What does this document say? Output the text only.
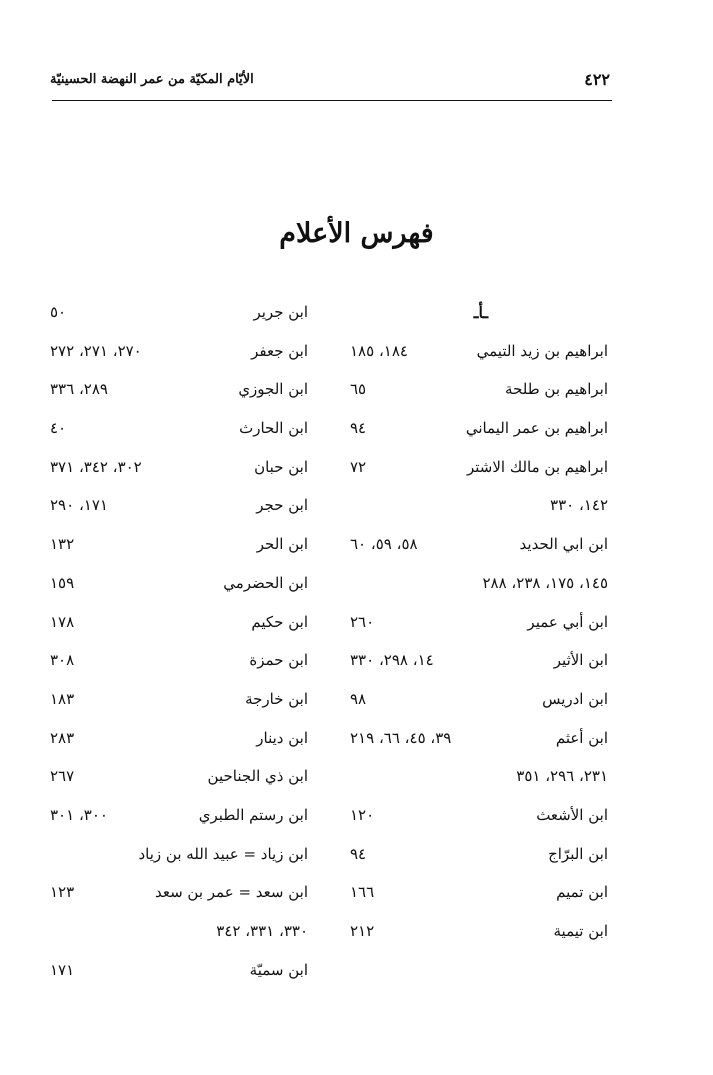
الأيّام المكيّة من عمر النهضة الحسينيّة	٤٢٢
فهرس الأعلام
ـأـ
ابراهيم بن زيد التيمي
١٨٤، ١٨٥
ابراهيم بن طلحة
٦٥
ابراهيم بن عمر اليماني
٩٤
ابراهيم بن مالك الاشتر
٧٢
١٤٢، ٣٣٠
ابن ابي الحديد
٥٨، ٥٩، ٦٠
١٤٥، ١٧٥، ٢٣٨، ٢٨٨
ابن أبي عمير
٢٦٠
ابن الأثير
١٤، ٢٩٨، ٣٣٠
ابن ادريس
٩٨
ابن أعثم
٣٩، ٤٥، ٦٦، ٢١٩
٢٣١، ٢٩٦، ٣٥١
ابن الأشعث
١٢٠
ابن البرّاج
٩٤
ابن تميم
١٦٦
ابن تيمية
٢١٢
ابن جرير
٥٠
ابن جعفر
٢٧٠، ٢٧١، ٢٧٢
ابن الجوزي
٢٨٩، ٣٣٦
ابن الحارث
٤٠
ابن حبان
٣٠٢، ٣٤٢، ٣٧١
ابن حجر
١٧١، ٢٩٠
ابن الحر
١٣٢
ابن الحضرمي
١٥٩
ابن حكيم
١٧٨
ابن حمزة
٣٠٨
ابن خارجة
١٨٣
ابن دينار
٢٨٣
ابن ذي الجناحين
٢٦٧
ابن رستم الطبري
٣٠٠، ٣٠١
ابن زياد = عبيد الله بن زياد
ابن سعد = عمر بن سعد
١٢٣
٣٣٠، ٣٣١، ٣٤٢
ابن سميّة
١٧١
